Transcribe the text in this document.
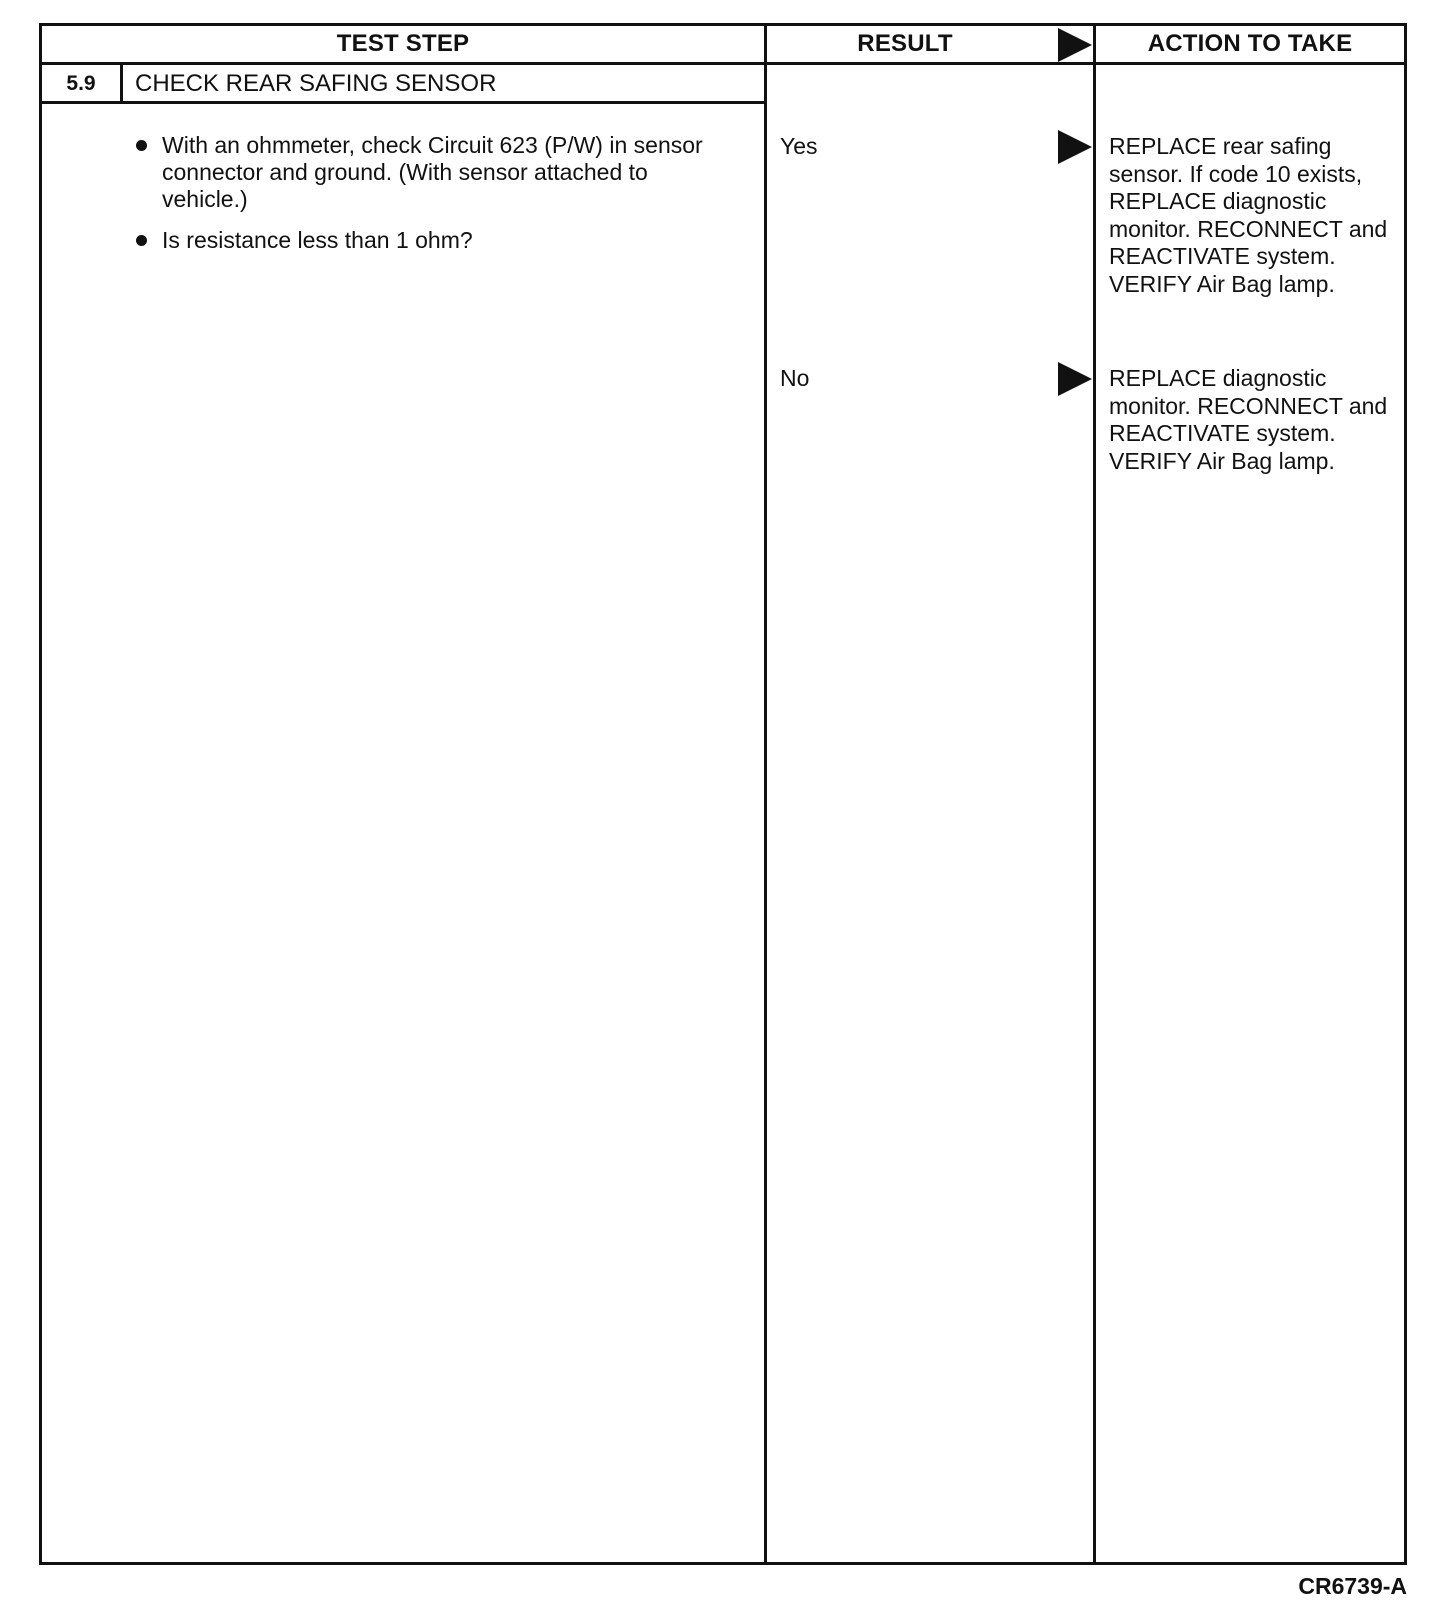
TEST STEP	RESULT	ACTION TO TAKE
5.9	CHECK REAR SAFING SENSOR
With an ohmmeter, check Circuit 623 (P/W) in sensor connector and ground. (With sensor attached to vehicle.)
Is resistance less than 1 ohm?
Yes	REPLACE rear safing sensor. If code 10 exists, REPLACE diagnostic monitor. RECONNECT and REACTIVATE system. VERIFY Air Bag lamp.
No	REPLACE diagnostic monitor. RECONNECT and REACTIVATE system. VERIFY Air Bag lamp.
CR6739-A
